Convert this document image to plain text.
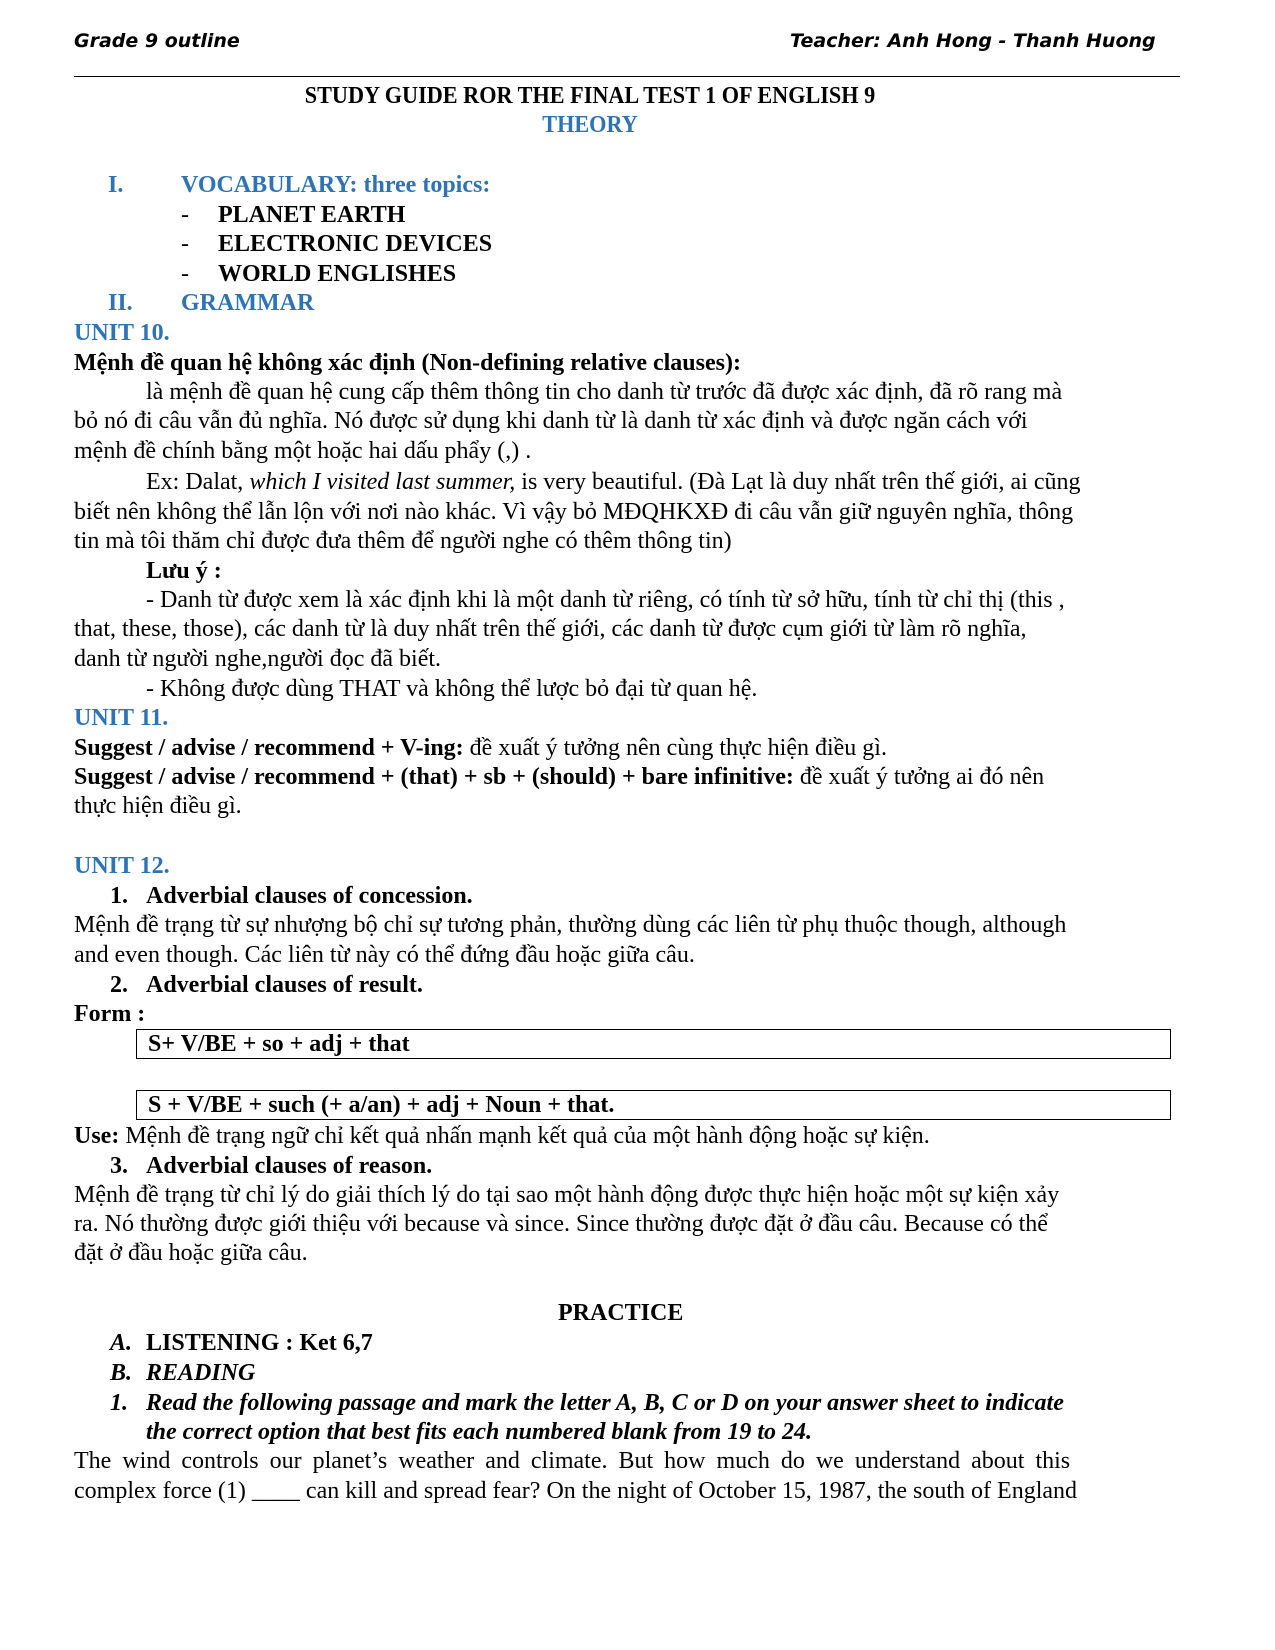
Grade 9 outline	Teacher: Anh Hong - Thanh Huong
STUDY GUIDE ROR THE FINAL TEST 1 OF ENGLISH 9
THEORY
I. VOCABULARY: three topics:
- PLANET EARTH
- ELECTRONIC DEVICES
- WORLD ENGLISHES
II. GRAMMAR
UNIT 10.
Mệnh đề quan hệ không xác định (Non-defining relative clauses):
là mệnh đề quan hệ cung cấp thêm thông tin cho danh từ trước đã được xác định, đã rõ rang mà
bỏ nó đi câu vẫn đủ nghĩa. Nó được sử dụng khi danh từ là danh từ xác định và được ngăn cách với
mệnh đề chính bằng một hoặc hai dấu phẩy (,) .
Ex: Dalat, which I visited last summer, is very beautiful. (Đà Lạt là duy nhất trên thế giới, ai cũng
biết nên không thể lẫn lộn với nơi nào khác. Vì vậy bỏ MĐQHKXĐ đi câu vẫn giữ nguyên nghĩa, thông
tin mà tôi thăm chỉ được đưa thêm để người nghe có thêm thông tin)
Lưu ý :
- Danh từ được xem là xác định khi là một danh từ riêng, có tính từ sở hữu, tính từ chỉ thị (this ,
that, these, those), các danh từ là duy nhất trên thế giới, các danh từ được cụm giới từ làm rõ nghĩa,
danh từ người nghe,người đọc đã biết.
- Không được dùng THAT và không thể lược bỏ đại từ quan hệ.
UNIT 11.
Suggest / advise / recommend + V-ing: đề xuất ý tưởng nên cùng thực hiện điều gì.
Suggest / advise / recommend + (that) + sb + (should) + bare infinitive: đề xuất ý tưởng ai đó nên
thực hiện điều gì.
UNIT 12.
1. Adverbial clauses of concession.
Mệnh đề trạng từ sự nhượng bộ chỉ sự tương phản, thường dùng các liên từ phụ thuộc though, although
and even though. Các liên từ này có thể đứng đầu hoặc giữa câu.
2. Adverbial clauses of result.
Form :
S+ V/BE + so + adj + that
S + V/BE + such (+ a/an) + adj + Noun + that.
Use: Mệnh đề trạng ngữ chỉ kết quả nhấn mạnh kết quả của một hành động hoặc sự kiện.
3. Adverbial clauses of reason.
Mệnh đề trạng từ chỉ lý do giải thích lý do tại sao một hành động được thực hiện hoặc một sự kiện xảy
ra. Nó thường được giới thiệu với because và since. Since thường được đặt ở đầu câu. Because có thể
đặt ở đầu hoặc giữa câu.
PRACTICE
A. LISTENING : Ket 6,7
B. READING
1. Read the following passage and mark the letter A, B, C or D on your answer sheet to indicate
the correct option that best fits each numbered blank from 19 to 24.
The wind controls our planet’s weather and climate. But how much do we understand about this
complex force (1) ____ can kill and spread fear? On the night of October 15, 1987, the south of England
